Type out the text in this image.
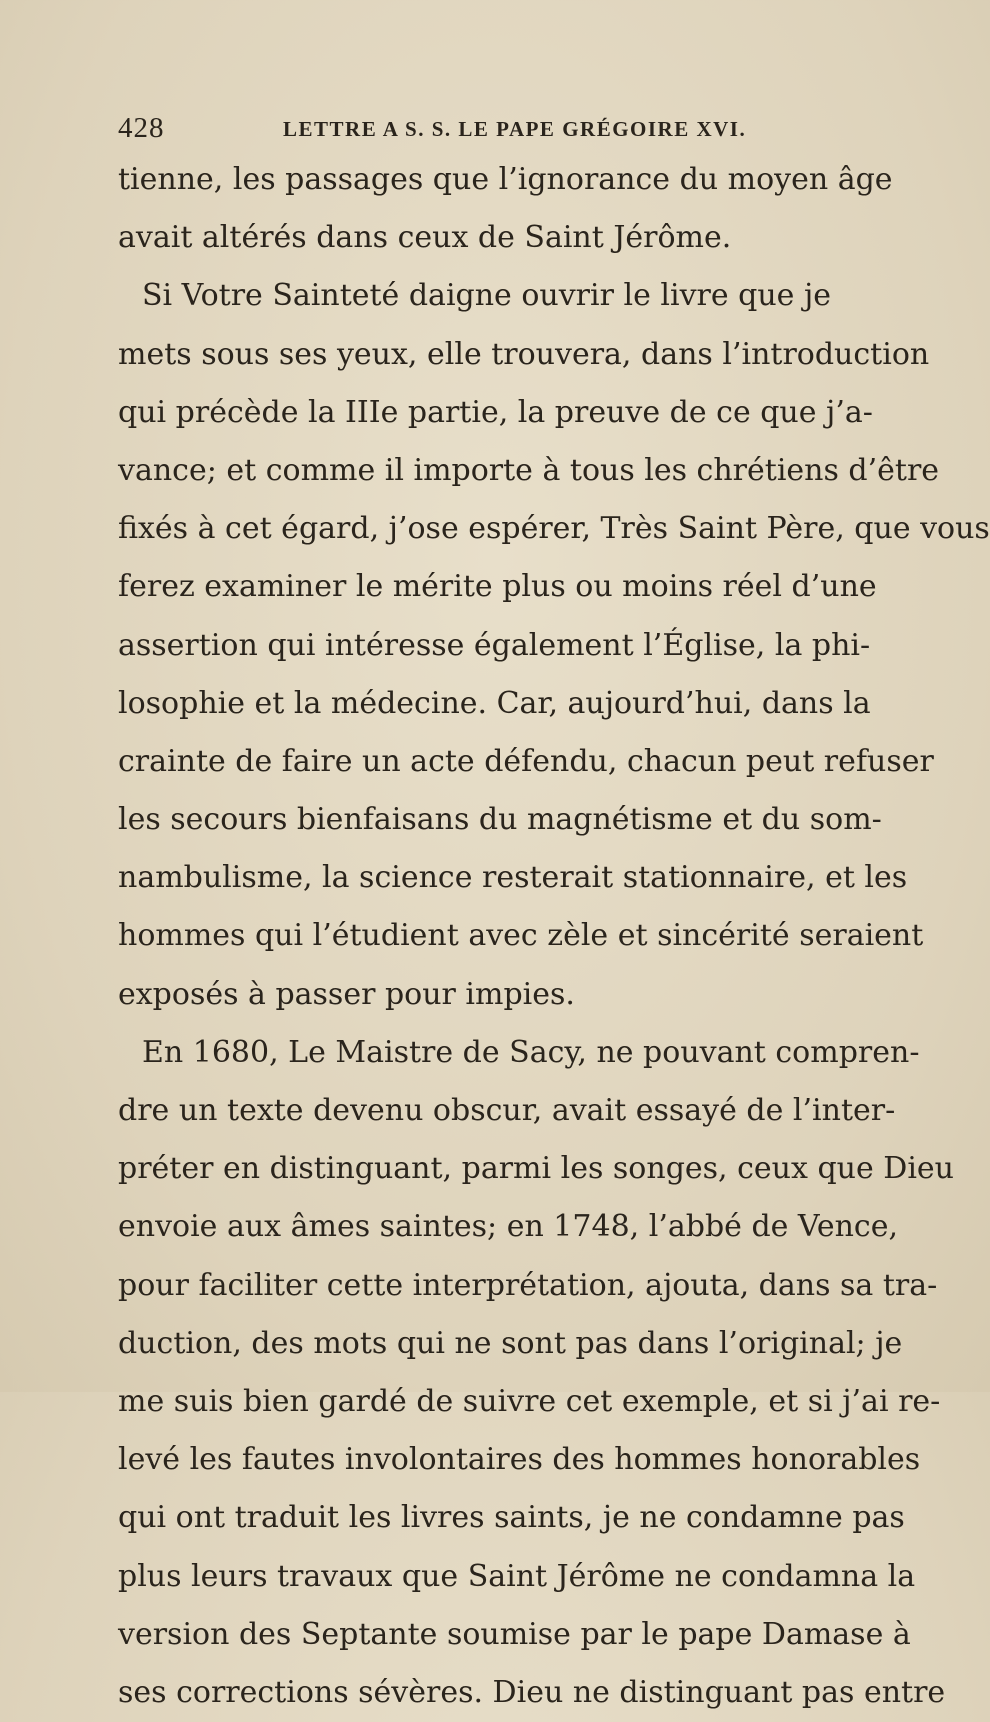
428	LETTRE A S. S. LE PAPE GRÉGOIRE XVI.
tienne, les passages que l’ignorance du moyen âge
avait altérés dans ceux de Saint Jérôme.
Si Votre Sainteté daigne ouvrir le livre que je
mets sous ses yeux, elle trouvera, dans l’introduction
qui précède la IIIe partie, la preuve de ce que j’a-
vance; et comme il importe à tous les chrétiens d’être
fixés à cet égard, j’ose espérer, Très Saint Père, que vous
ferez examiner le mérite plus ou moins réel d’une
assertion qui intéresse également l’Église, la phi-
losophie et la médecine. Car, aujourd’hui, dans la
crainte de faire un acte défendu, chacun peut refuser
les secours bienfaisans du magnétisme et du som-
nambulisme, la science resterait stationnaire, et les
hommes qui l’étudient avec zèle et sincérité seraient
exposés à passer pour impies.
En 1680, Le Maistre de Sacy, ne pouvant compren-
dre un texte devenu obscur, avait essayé de l’inter-
préter en distinguant, parmi les songes, ceux que Dieu
envoie aux âmes saintes; en 1748, l’abbé de Vence,
pour faciliter cette interprétation, ajouta, dans sa tra-
duction, des mots qui ne sont pas dans l’original; je
me suis bien gardé de suivre cet exemple, et si j’ai re-
levé les fautes involontaires des hommes honorables
qui ont traduit les livres saints, je ne condamne pas
plus leurs travaux que Saint Jérôme ne condamna la
version des Septante soumise par le pape Damase à
ses corrections sévères. Dieu ne distinguant pas entre
